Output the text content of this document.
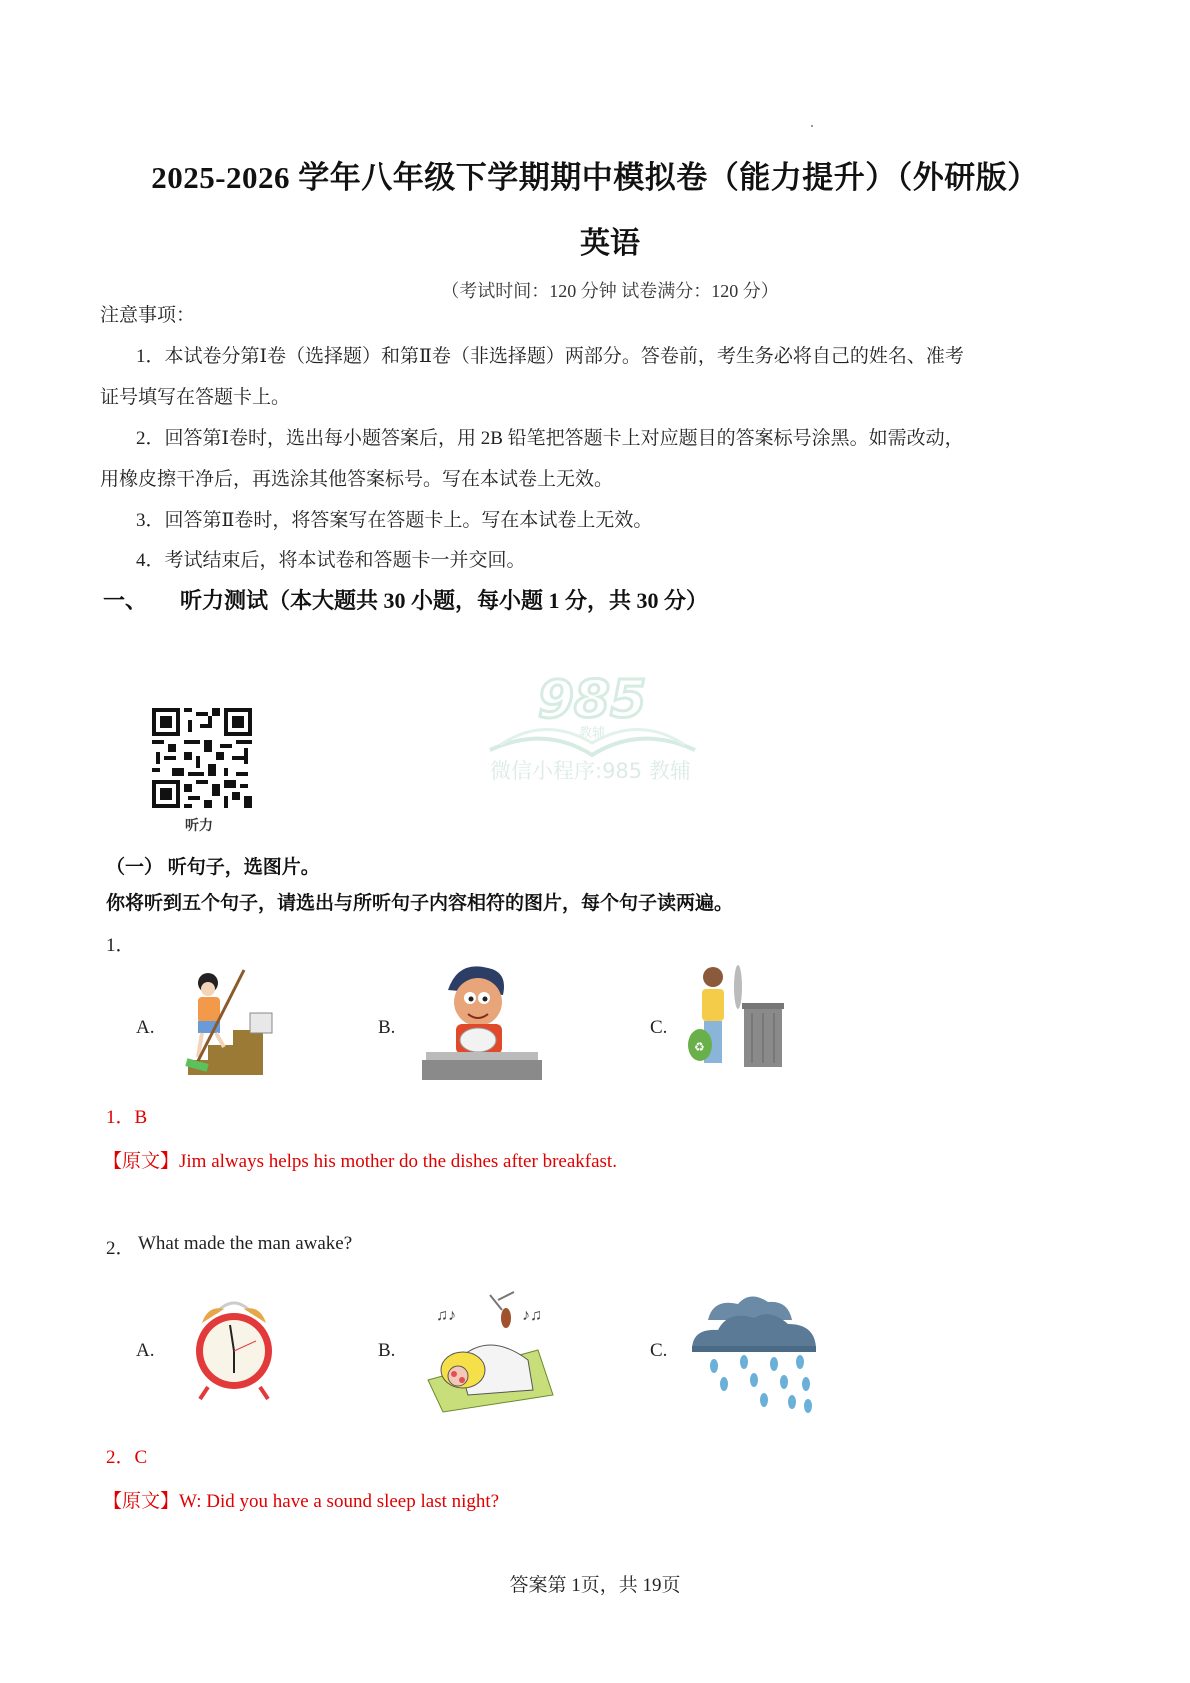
2025-2026 学年八年级下学期期中模拟卷（能力提升）（外研版）
英语
（考试时间：120 分钟 试卷满分：120 分）
注意事项：
1．本试卷分第Ⅰ卷（选择题）和第Ⅱ卷（非选择题）两部分。答卷前，考生务必将自己的姓名、准考
证号填写在答题卡上。
2．回答第Ⅰ卷时，选出每小题答案后，用 2B 铅笔把答题卡上对应题目的答案标号涂黑。如需改动，
用橡皮擦干净后，再选涂其他答案标号。写在本试卷上无效。
3．回答第Ⅱ卷时，将答案写在答题卡上。写在本试卷上无效。
4．考试结束后，将本试卷和答题卡一并交回。
一、 听力测试（本大题共 30 小题，每小题 1 分，共 30 分）
985
教辅
微信小程序:985 教辅
听力
（一） 听句子，选图片。
你将听到五个句子，请选出与所听句子内容相符的图片，每个句子读两遍。
1．
A.	B.	C.
♻
1．B
【原文】Jim always helps his mother do the dishes after breakfast.
2． What made the man awake?
A.	B.
♫♪	♪♫
C.
2．C
【原文】W: Did you have a sound sleep last night?
答案第 1页，共 19页
